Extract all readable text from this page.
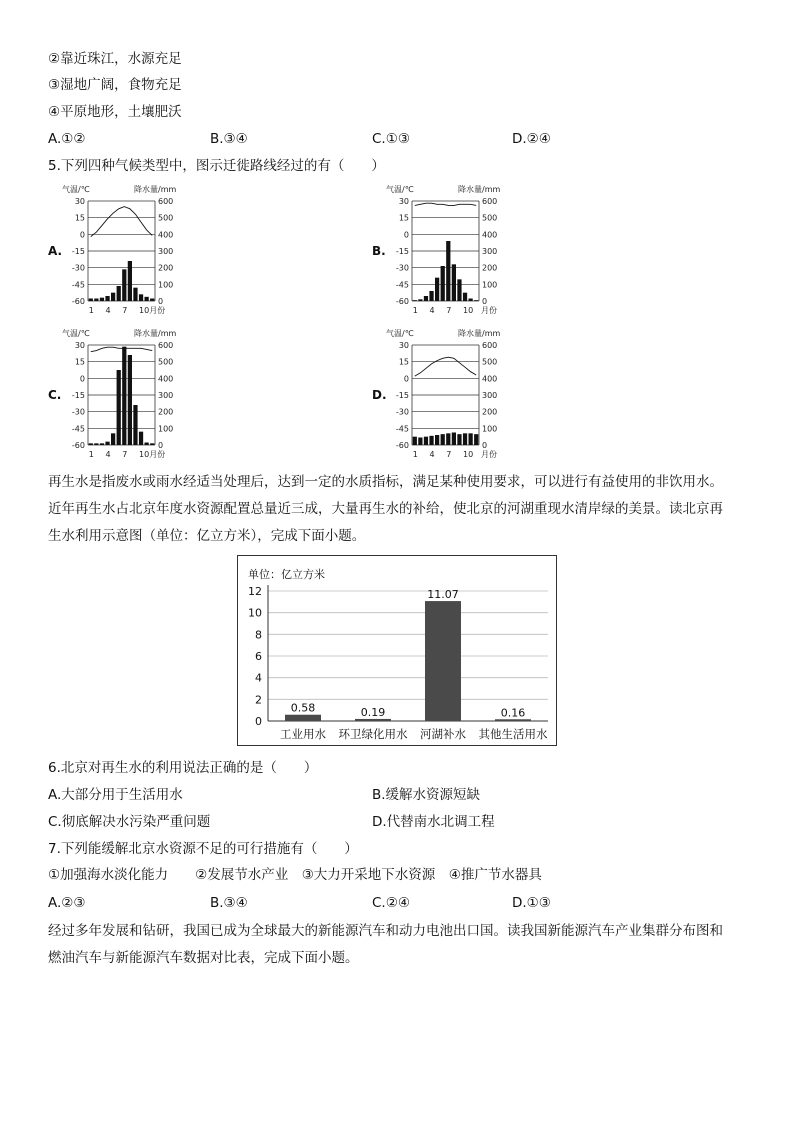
②靠近珠江，水源充足
③湿地广阔，食物充足
④平原地形，土壤肥沃
A.①②	B.③④	C.①③	D.②④
5.下列四种气候类型中，图示迁徙路线经过的有（　　）
A.	B.
C.	D.
气温/℃	降水量/mm
30	600
15	500
0	400
-15	300
-30	200
-45	100
-60	0
1 4 7 10月份
气温/℃	降水量/mm
30	600
15	500
0	400
-15	300
-30	200
-45	100
-60	0
1 4 7 10 月份
气温/℃	降水量/mm
30	600
15	500
0	400
-15	300
-30	200
-45	100
-60	0
1 4 7 10月份
气温/℃	降水量/mm
30	600
15	500
0	400
-15	300
-30	200
-45	100
-60	0
1 4 7 10 月份
再生水是指废水或雨水经适当处理后，达到一定的水质指标，满足某种使用要求，可以进行有益使用的非饮用水。
近年再生水占北京年度水资源配置总量近三成，大量再生水的补给，使北京的河湖重现水清岸绿的美景。读北京再
生水利用示意图（单位：亿立方米），完成下面小题。
单位：亿立方米
0
2
4
6
8
10
12
0.58
工业用水
0.19
环卫绿化用水
11.07
河湖补水
0.16
其他生活用水
6.北京对再生水的利用说法正确的是（　　）
A.大部分用于生活用水	B.缓解水资源短缺
C.彻底解决水污染严重问题	D.代替南水北调工程
7.下列能缓解北京水资源不足的可行措施有（　　）
①加强海水淡化能力　　②发展节水产业　③大力开采地下水资源　④推广节水器具
A.②③	B.③④	C.②④	D.①③
经过多年发展和钻研，我国已成为全球最大的新能源汽车和动力电池出口国。读我国新能源汽车产业集群分布图和
燃油汽车与新能源汽车数据对比表，完成下面小题。
